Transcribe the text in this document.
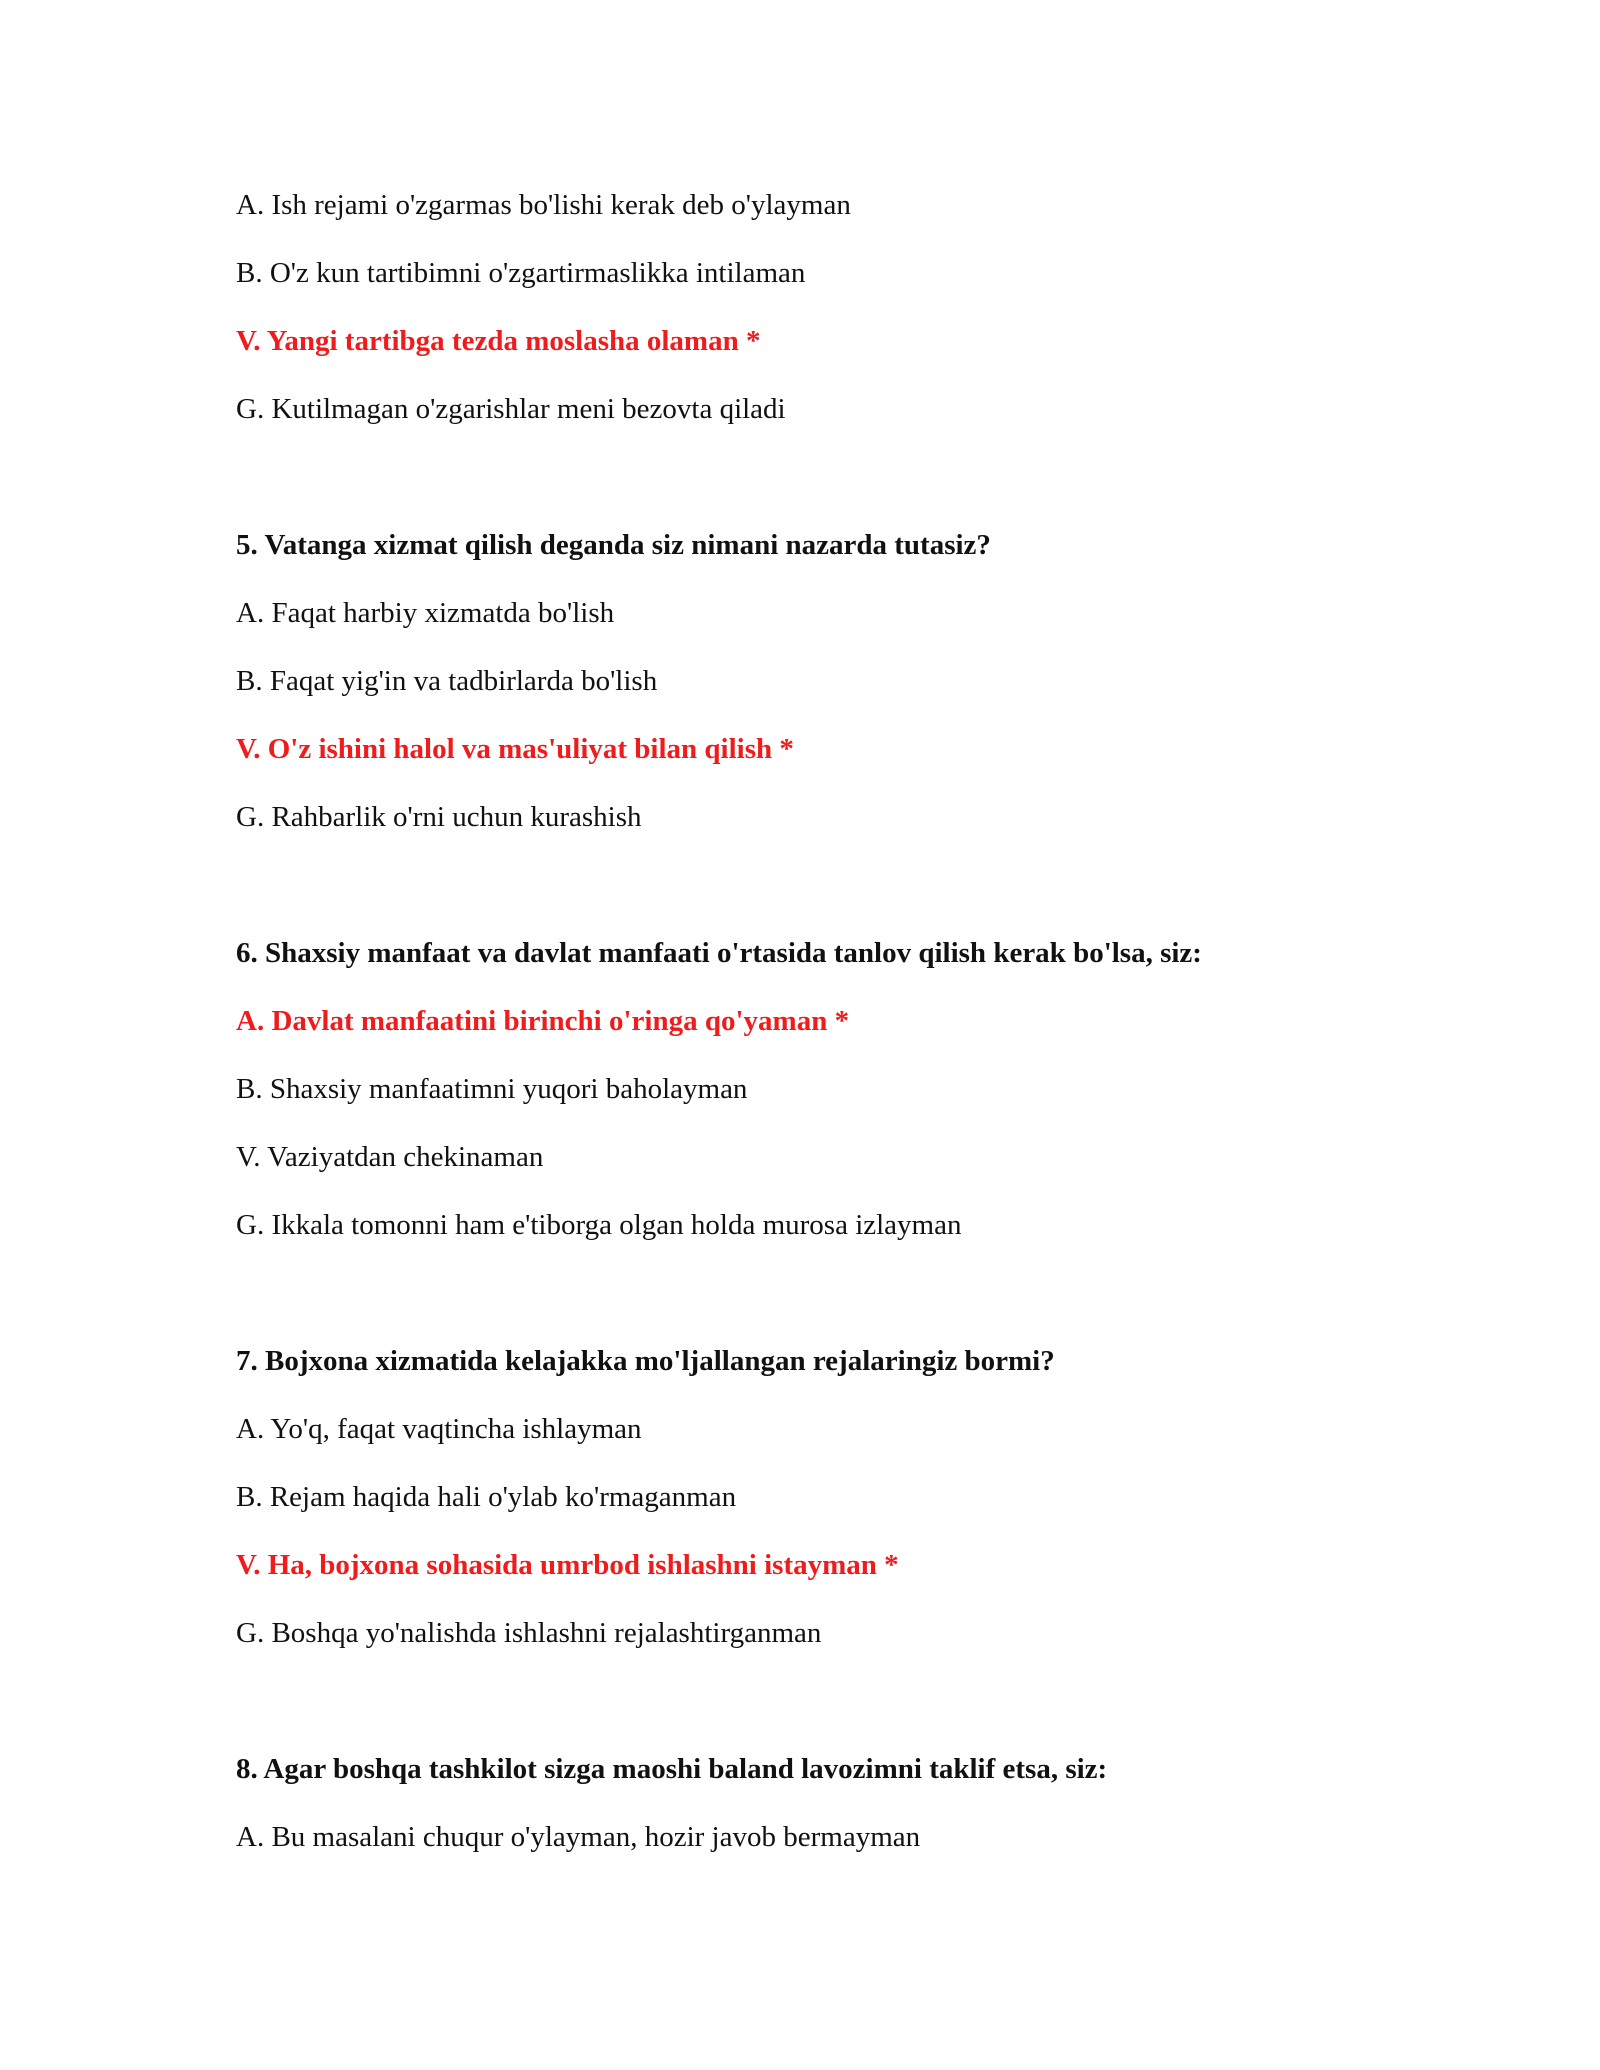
A. Ish rejami o'zgarmas bo'lishi kerak deb o'ylayman
B. O'z kun tartibimni o'zgartirmaslikka intilaman
V. Yangi tartibga tezda moslasha olaman *
G. Kutilmagan o'zgarishlar meni bezovta qiladi
5. Vatanga xizmat qilish deganda siz nimani nazarda tutasiz?
A. Faqat harbiy xizmatda bo'lish
B. Faqat yig'in va tadbirlarda bo'lish
V. O'z ishini halol va mas'uliyat bilan qilish *
G. Rahbarlik o'rni uchun kurashish
6. Shaxsiy manfaat va davlat manfaati o'rtasida tanlov qilish kerak bo'lsa, siz:
A. Davlat manfaatini birinchi o'ringa qo'yaman *
B. Shaxsiy manfaatimni yuqori baholayman
V. Vaziyatdan chekinaman
G. Ikkala tomonni ham e'tiborga olgan holda murosa izlayman
7. Bojxona xizmatida kelajakka mo'ljallangan rejalaringiz bormi?
A. Yo'q, faqat vaqtincha ishlayman
B. Rejam haqida hali o'ylab ko'rmaganman
V. Ha, bojxona sohasida umrbod ishlashni istayman *
G. Boshqa yo'nalishda ishlashni rejalashtirganman
8. Agar boshqa tashkilot sizga maoshi baland lavozimni taklif etsa, siz:
A. Bu masalani chuqur o'ylayman, hozir javob bermayman
